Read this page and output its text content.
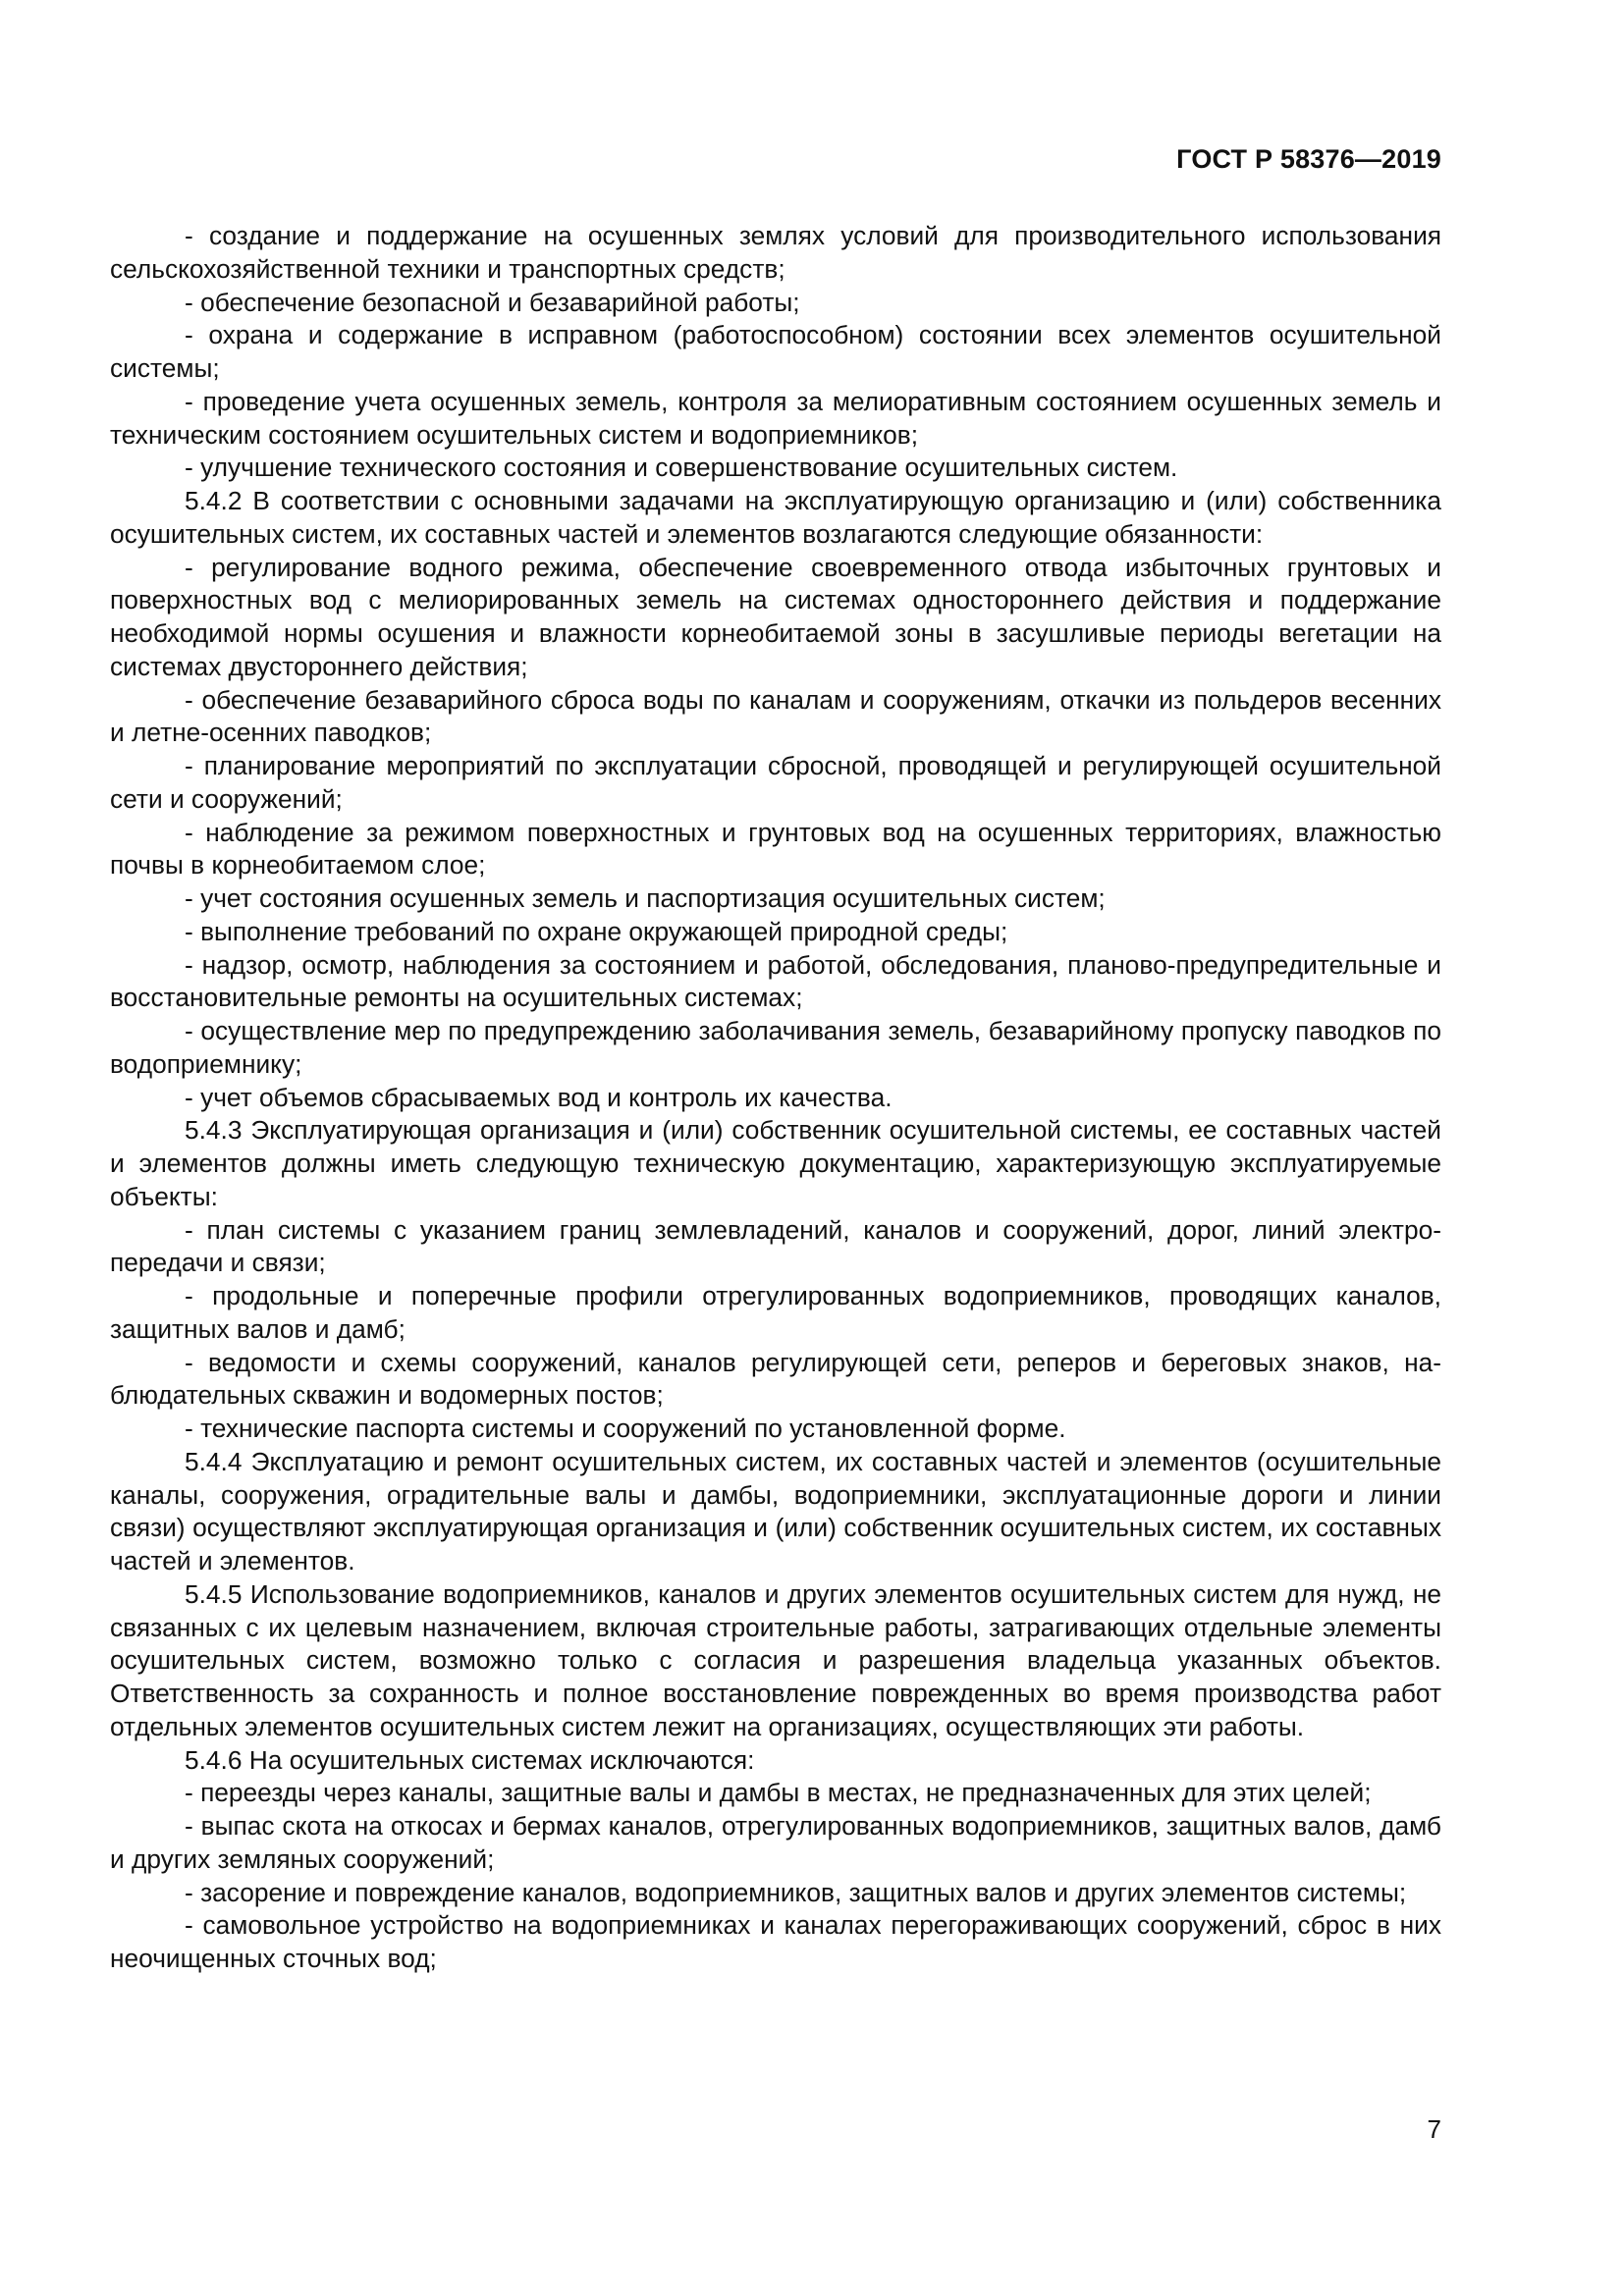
ГОСТ Р 58376—2019

- создание и поддержание на осушенных землях условий для производительного использования сельскохозяйственной техники и транспортных средств;

- обеспечение безопасной и безаварийной работы;

- охрана и содержание в исправном (работоспособном) состоянии всех элементов осушительной системы;

- проведение учета осушенных земель, контроля за мелиоративным состоянием осушенных земель и техническим состоянием осушительных систем и водоприемников;

- улучшение технического состояния и совершенствование осушительных систем.

5.4.2 В соответствии с основными задачами на эксплуатирующую организацию и (или) собственника осушительных систем, их составных частей и элементов возлагаются следующие обязанности:

- регулирование водного режима, обеспечение своевременного отвода избыточных грунтовых и поверхностных вод с мелиорированных земель на системах одностороннего действия и поддержание необходимой нормы осушения и влажности корнеобитаемой зоны в засушливые периоды вегетации на системах двустороннего действия;

- обеспечение безаварийного сброса воды по каналам и сооружениям, откачки из польдеров весенних и летне-осенних паводков;

- планирование мероприятий по эксплуатации сбросной, проводящей и регулирующей осушительной сети и сооружений;

- наблюдение за режимом поверхностных и грунтовых вод на осушенных территориях, влажностью почвы в корнеобитаемом слое;

- учет состояния осушенных земель и паспортизация осушительных систем;

- выполнение требований по охране окружающей природной среды;

- надзор, осмотр, наблюдения за состоянием и работой, обследования, планово-предупредительные и восстановительные ремонты на осушительных системах;

- осуществление мер по предупреждению заболачивания земель, безаварийному пропуску паводков по водоприемнику;

- учет объемов сбрасываемых вод и контроль их качества.

5.4.3 Эксплуатирующая организация и (или) собственник осушительной системы, ее составных частей и элементов должны иметь следующую техническую документацию, характеризующую эксплуатируемые объекты:

- план системы с указанием границ землевладений, каналов и сооружений, дорог, линий электропередачи и связи;

- продольные и поперечные профили отрегулированных водоприемников, проводящих каналов, защитных валов и дамб;

- ведомости и схемы сооружений, каналов регулирующей сети, реперов и береговых знаков, наблюдательных скважин и водомерных постов;

- технические паспорта системы и сооружений по установленной форме.

5.4.4 Эксплуатацию и ремонт осушительных систем, их составных частей и элементов (осушительные каналы, сооружения, оградительные валы и дамбы, водоприемники, эксплуатационные дороги и линии связи) осуществляют эксплуатирующая организация и (или) собственник осушительных систем, их составных частей и элементов.

5.4.5 Использование водоприемников, каналов и других элементов осушительных систем для нужд, не связанных с их целевым назначением, включая строительные работы, затрагивающих отдельные элементы осушительных систем, возможно только с согласия и разрешения владельца указанных объектов. Ответственность за сохранность и полное восстановление поврежденных во время производства работ отдельных элементов осушительных систем лежит на организациях, осуществляющих эти работы.

5.4.6 На осушительных системах исключаются:

- переезды через каналы, защитные валы и дамбы в местах, не предназначенных для этих целей;

- выпас скота на откосах и бермах каналов, отрегулированных водоприемников, защитных валов, дамб и других земляных сооружений;

- засорение и повреждение каналов, водоприемников, защитных валов и других элементов системы;

- самовольное устройство на водоприемниках и каналах перегораживающих сооружений, сброс в них неочищенных сточных вод;

7
